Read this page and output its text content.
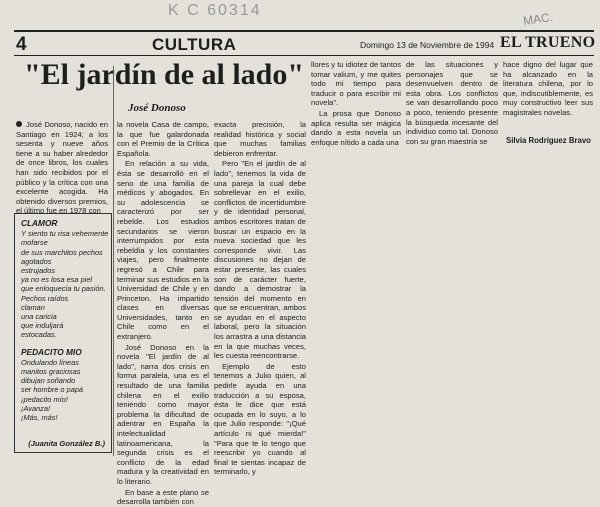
K C 60314	MAC.
4	CULTURA	Domingo 13 de Noviembre de 1994 EL TRUENO
"El jardín de al lado"
José Donoso

José Donoso, nacido en Santiago en 1924; a los sesenta y nueve años tiene a su haber alrededor de once libros, los cuales han sido recibidos por el público y la crítica con una excelente acogida. Ha obtenido diversos premios, el último fue en 1978 con

CLAMOR
Y siento tu risa vehemente
mofarse
de sus marchitos pechos
agotados
estrujados
ya no es losa esa piel
que enloquecía tu pasión.
Pechos raídos
claman
una caricia
que induljará
estocadas.
PEDACITO MIO
Ondulando líneas
manitos graciosas
dibujan soñando
ser hombre o papá
¡pedacito mío!
¡Avanza!
¡Más, más!
(Juanita González B.)

la novela Casa de campo, la que fue galardonada con el Premio de la Crítica Española.

En relación a su vida, ésta se desarrolló en el seno de una familia de médicos y abogados. En su adolescencia se caracterizó por ser rebelde. Los estudios secundarios se vieron interrumpidos por esta rebeldía y los constantes viajes, pero finalmente regresó a Chile para terminar sus estudios en la Universidad de Chile y en Princeton. Ha impartido clases en diversas Universidades, tanto en Chile como en el extranjero.

José Donoso en la novela "El jardín de al lado", narra dos crisis en forma paralela, una es el resultado de una familia chilena en el exilio teniendo como mayor problema la dificultad de adentrar en España la intelectualidad latinoamericana, la segunda crisis es el conflicto de la edad madura y la creatividad en lo literario.

En base a este plano se desarrolla también con

exacta precisión, la realidad histórica y social que muchas familias debieron enfrentar.

Pero "En el jardín de al lado", tenemos la vida de una pareja la cual debe sobrellevar en el exilio, conflictos de incertidumbre y de identidad personal, ambos escritores tratan de buscar un espacio en la nueva sociedad que les corresponde vivir. Las discusiones no dejan de estar presente, las cuales son de carácter fuerte, dando a demostrar la tensión del momento en que se encuentran, ambos se ayudan en el aspecto laboral, pero la situación los arrastra a una distancia en la que muchas veces, les cuesta reencontrarse.

Ejemplo de esto tenemos a Julio quien, al pedirle ayuda en una traducción a su esposa, ésta le dice que está ocupada en lo suyo, a lo que Julio responde: "¡Qué artículo ni qué mierda!" "Para que te lo tengo que reescribir yo cuando al final te sientas incapaz de terminarlo, y

llores y tu idiotez de tantos tomar valium, y me quites todo mi tiempo para traducir o para escribir mi novela".

La prosa que Donoso aplica resulta ser mágica dando a esta novela un enfoque nítido a cada una

de las situaciones y personajes que se desenvuelven dentro de esta obra. Los conflictos se van desarrollando poco a poco, teniendo presente la búsqueda incesante del individuo como tal. Donoso con su gran maestría se

hace digno del lugar que ha alcanzado en la literatura chilena, por lo que, indiscutiblemente, es muy constructivo leer sus magistrales novelas.

Silvia Rodríguez Bravo
